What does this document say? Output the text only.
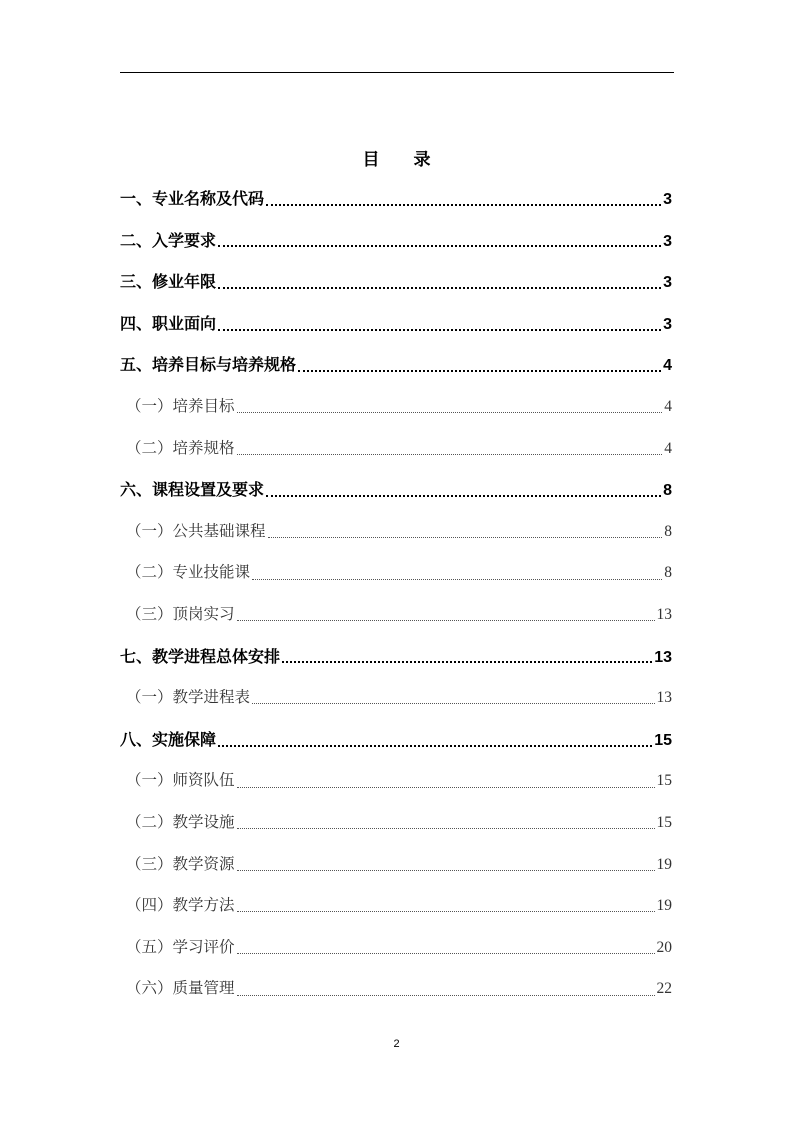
目 录
一、专业名称及代码	3
二、入学要求	3
三、修业年限	3
四、职业面向	3
五、培养目标与培养规格	4
（一）培养目标	4
（二）培养规格	4
六、课程设置及要求	8
（一）公共基础课程	8
（二）专业技能课	8
（三）顶岗实习	13
七、教学进程总体安排	13
（一）教学进程表	13
八、实施保障	15
（一）师资队伍	15
（二）教学设施	15
（三）教学资源	19
（四）教学方法	19
（五）学习评价	20
（六）质量管理	22
2
